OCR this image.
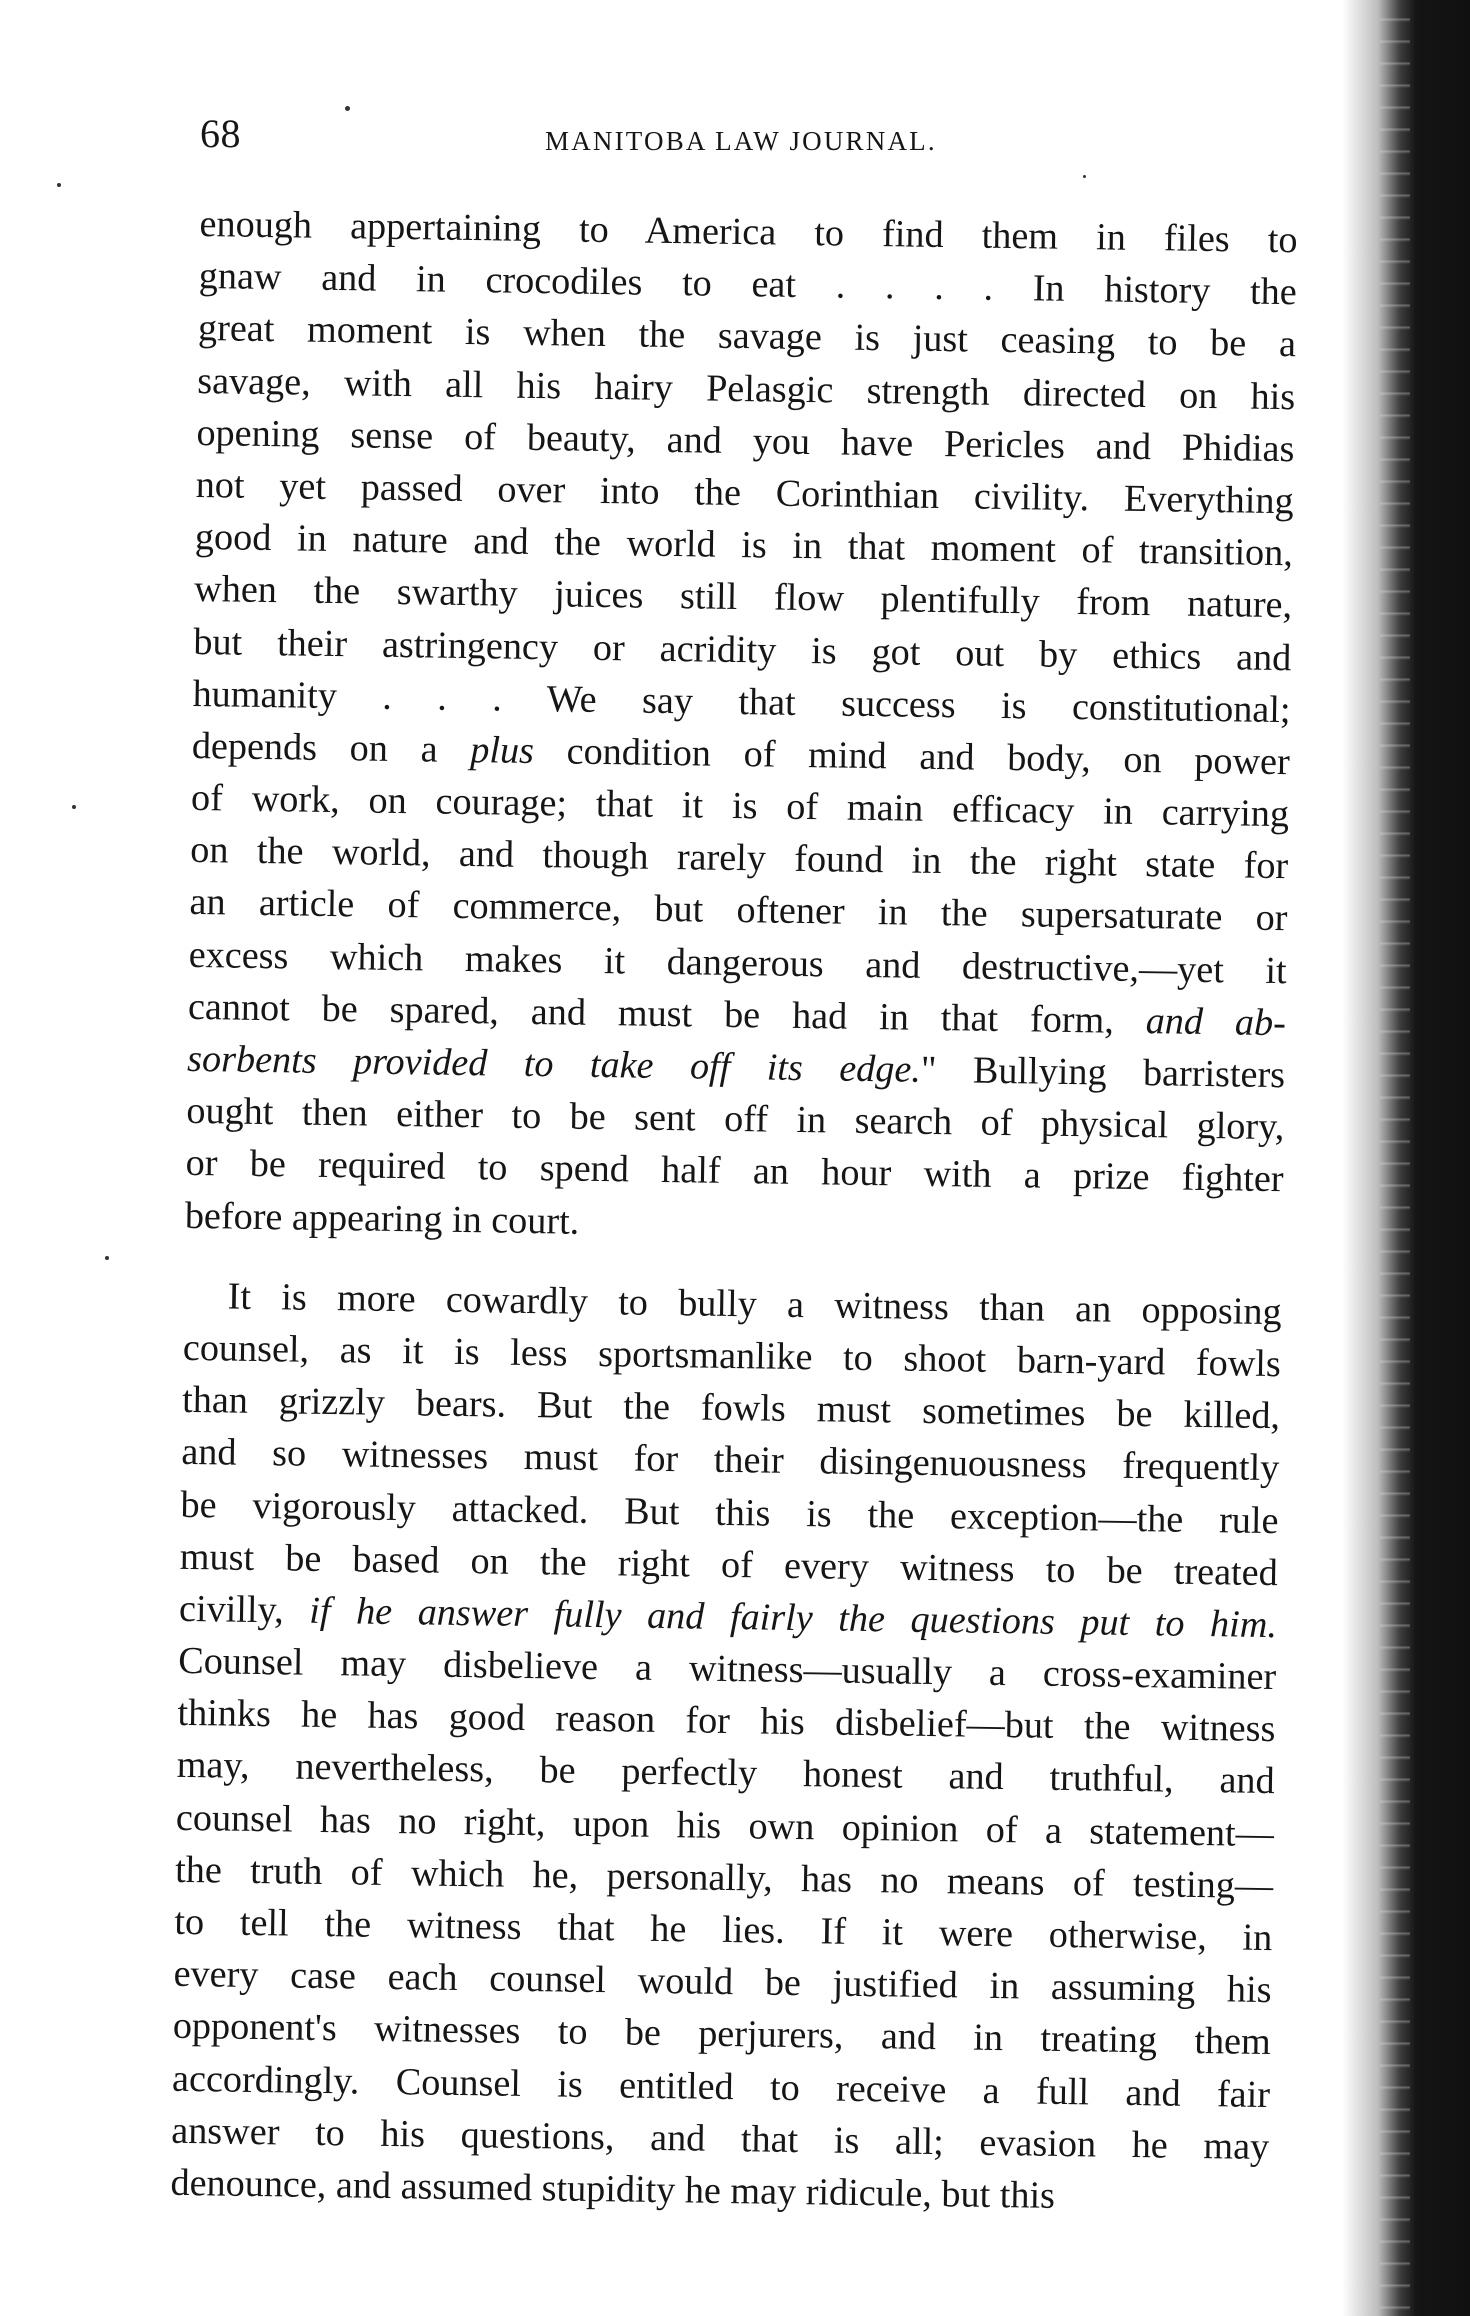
68	MANITOBA LAW JOURNAL.
enough appertaining to America to find them in files to
gnaw and in crocodiles to eat . . . . In history the
great moment is when the savage is just ceasing to be a
savage, with all his hairy Pelasgic strength directed on his
opening sense of beauty, and you have Pericles and Phidias
not yet passed over into the Corinthian civility. Everything
good in nature and the world is in that moment of transition,
when the swarthy juices still flow plentifully from nature,
but their astringency or acridity is got out by ethics and
humanity . . . We say that success is constitutional;
depends on a plus condition of mind and body, on power
of work, on courage; that it is of main efficacy in carrying
on the world, and though rarely found in the right state for
an article of commerce, but oftener in the supersaturate or
excess which makes it dangerous and destructive,—yet it
cannot be spared, and must be had in that form, and ab-
sorbents provided to take off its edge." Bullying barristers
ought then either to be sent off in search of physical glory,
or be required to spend half an hour with a prize fighter
before appearing in court.
It is more cowardly to bully a witness than an opposing
counsel, as it is less sportsmanlike to shoot barn-yard fowls
than grizzly bears. But the fowls must sometimes be killed,
and so witnesses must for their disingenuousness frequently
be vigorously attacked. But this is the exception—the rule
must be based on the right of every witness to be treated
civilly, if he answer fully and fairly the questions put to him.
Counsel may disbelieve a witness—usually a cross-examiner
thinks he has good reason for his disbelief—but the witness
may, nevertheless, be perfectly honest and truthful, and
counsel has no right, upon his own opinion of a statement—
the truth of which he, personally, has no means of testing—
to tell the witness that he lies. If it were otherwise, in
every case each counsel would be justified in assuming his
opponent's witnesses to be perjurers, and in treating them
accordingly. Counsel is entitled to receive a full and fair
answer to his questions, and that is all; evasion he may
denounce, and assumed stupidity he may ridicule, but this
